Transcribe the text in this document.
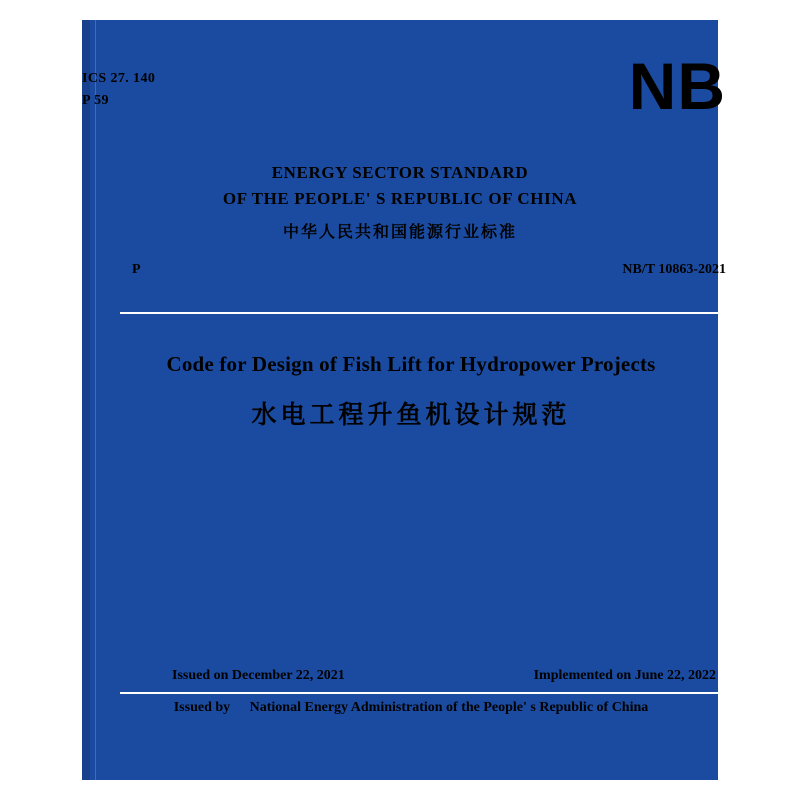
ICS 27. 140
P 59	NB
ENERGY SECTOR STANDARD
OF THE PEOPLE' S REPUBLIC OF CHINA
中华人民共和国能源行业标准
P	NB/T 10863-2021
Code for Design of Fish Lift for Hydropower Projects
水电工程升鱼机设计规范
Issued on December 22, 2021	Implemented on June 22, 2022
Issued by National Energy Administration of the People' s Republic of China
